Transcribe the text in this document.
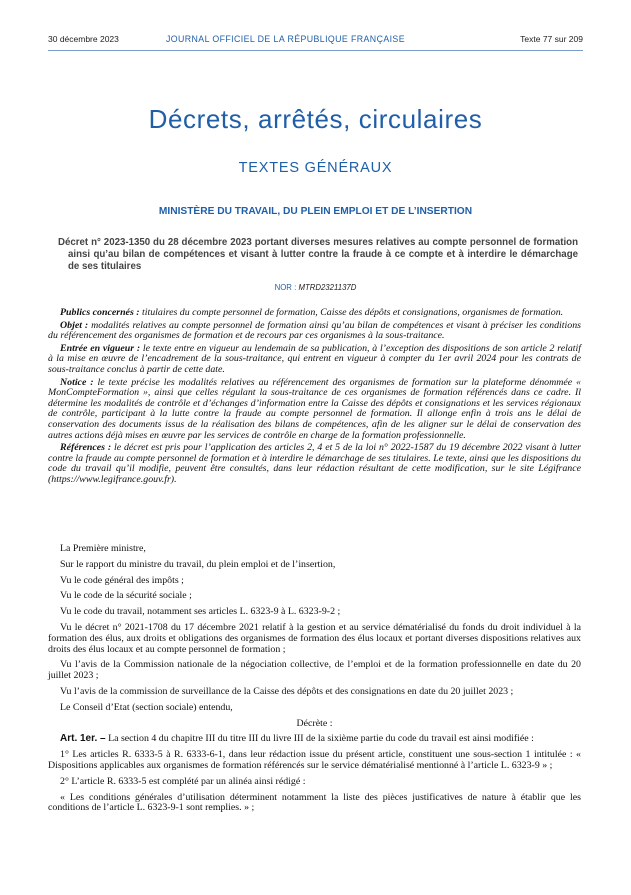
30 décembre 2023	JOURNAL OFFICIEL DE LA RÉPUBLIQUE FRANÇAISE	Texte 77 sur 209
Décrets, arrêtés, circulaires
TEXTES GÉNÉRAUX
MINISTÈRE DU TRAVAIL, DU PLEIN EMPLOI ET DE L’INSERTION

Décret n° 2023-1350 du 28 décembre 2023 portant diverses mesures relatives au compte personnel de formation ainsi qu’au bilan de compétences et visant à lutter contre la fraude à ce compte et à interdire le démarchage de ses titulaires

NOR : MTRD2321137D

Publics concernés : titulaires du compte personnel de formation, Caisse des dépôts et consignations, organismes de formation.

Objet : modalités relatives au compte personnel de formation ainsi qu’au bilan de compétences et visant à préciser les conditions du référencement des organismes de formation et de recours par ces organismes à la sous-traitance.

Entrée en vigueur : le texte entre en vigueur au lendemain de sa publication, à l’exception des dispositions de son article 2 relatif à la mise en œuvre de l’encadrement de la sous-traitance, qui entrent en vigueur à compter du 1er avril 2024 pour les contrats de sous-traitance conclus à partir de cette date.

Notice : le texte précise les modalités relatives au référencement des organismes de formation sur la plateforme dénommée « MonCompteFormation », ainsi que celles régulant la sous-traitance de ces organismes de formation référencés dans ce cadre. Il détermine les modalités de contrôle et d’échanges d’information entre la Caisse des dépôts et consignations et les services régionaux de contrôle, participant à la lutte contre la fraude au compte personnel de formation. Il allonge enfin à trois ans le délai de conservation des documents issus de la réalisation des bilans de compétences, afin de les aligner sur le délai de conservation des autres actions déjà mises en œuvre par les services de contrôle en charge de la formation professionnelle.

Références : le décret est pris pour l’application des articles 2, 4 et 5 de la loi n° 2022-1587 du 19 décembre 2022 visant à lutter contre la fraude au compte personnel de formation et à interdire le démarchage de ses titulaires. Le texte, ainsi que les dispositions du code du travail qu’il modifie, peuvent être consultés, dans leur rédaction résultant de cette modification, sur le site Légifrance (https://www.legifrance.gouv.fr).

La Première ministre,

Sur le rapport du ministre du travail, du plein emploi et de l’insertion,

Vu le code général des impôts ;

Vu le code de la sécurité sociale ;

Vu le code du travail, notamment ses articles L. 6323-9 à L. 6323-9-2 ;

Vu le décret n° 2021-1708 du 17 décembre 2021 relatif à la gestion et au service dématérialisé du fonds du droit individuel à la formation des élus, aux droits et obligations des organismes de formation des élus locaux et portant diverses dispositions relatives aux droits des élus locaux et au compte personnel de formation ;

Vu l’avis de la Commission nationale de la négociation collective, de l’emploi et de la formation professionnelle en date du 20 juillet 2023 ;

Vu l’avis de la commission de surveillance de la Caisse des dépôts et des consignations en date du 20 juillet 2023 ;

Le Conseil d’Etat (section sociale) entendu,

Décrète :

Art. 1er. – La section 4 du chapitre III du titre III du livre III de la sixième partie du code du travail est ainsi modifiée :

1° Les articles R. 6333-5 à R. 6333-6-1, dans leur rédaction issue du présent article, constituent une sous-section 1 intitulée : « Dispositions applicables aux organismes de formation référencés sur le service dématérialisé mentionné à l’article L. 6323-9 » ;

2° L’article R. 6333-5 est complété par un alinéa ainsi rédigé :

« Les conditions générales d’utilisation déterminent notamment la liste des pièces justificatives de nature à établir que les conditions de l’article L. 6323-9-1 sont remplies. » ;
